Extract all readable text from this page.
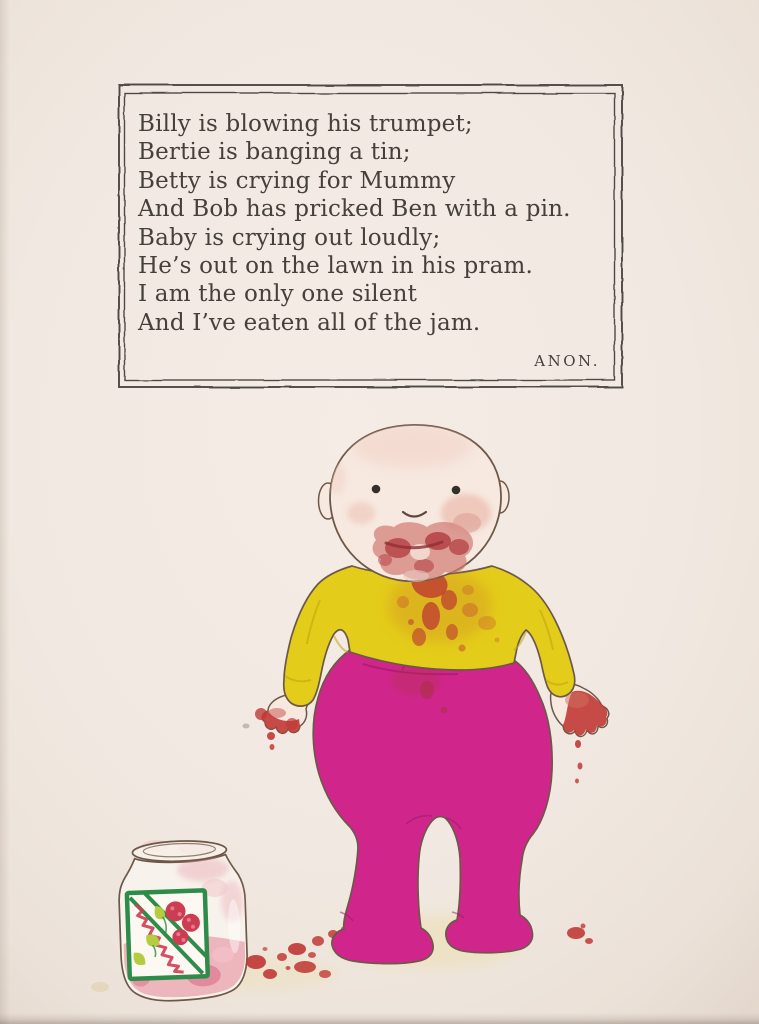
Billy is blowing his trumpet;
Bertie is banging a tin;
Betty is crying for Mummy
And Bob has pricked Ben with a pin.
Baby is crying out loudly;
He’s out on the lawn in his pram.
I am the only one silent
And I’ve eaten all of the jam.
ANON.
